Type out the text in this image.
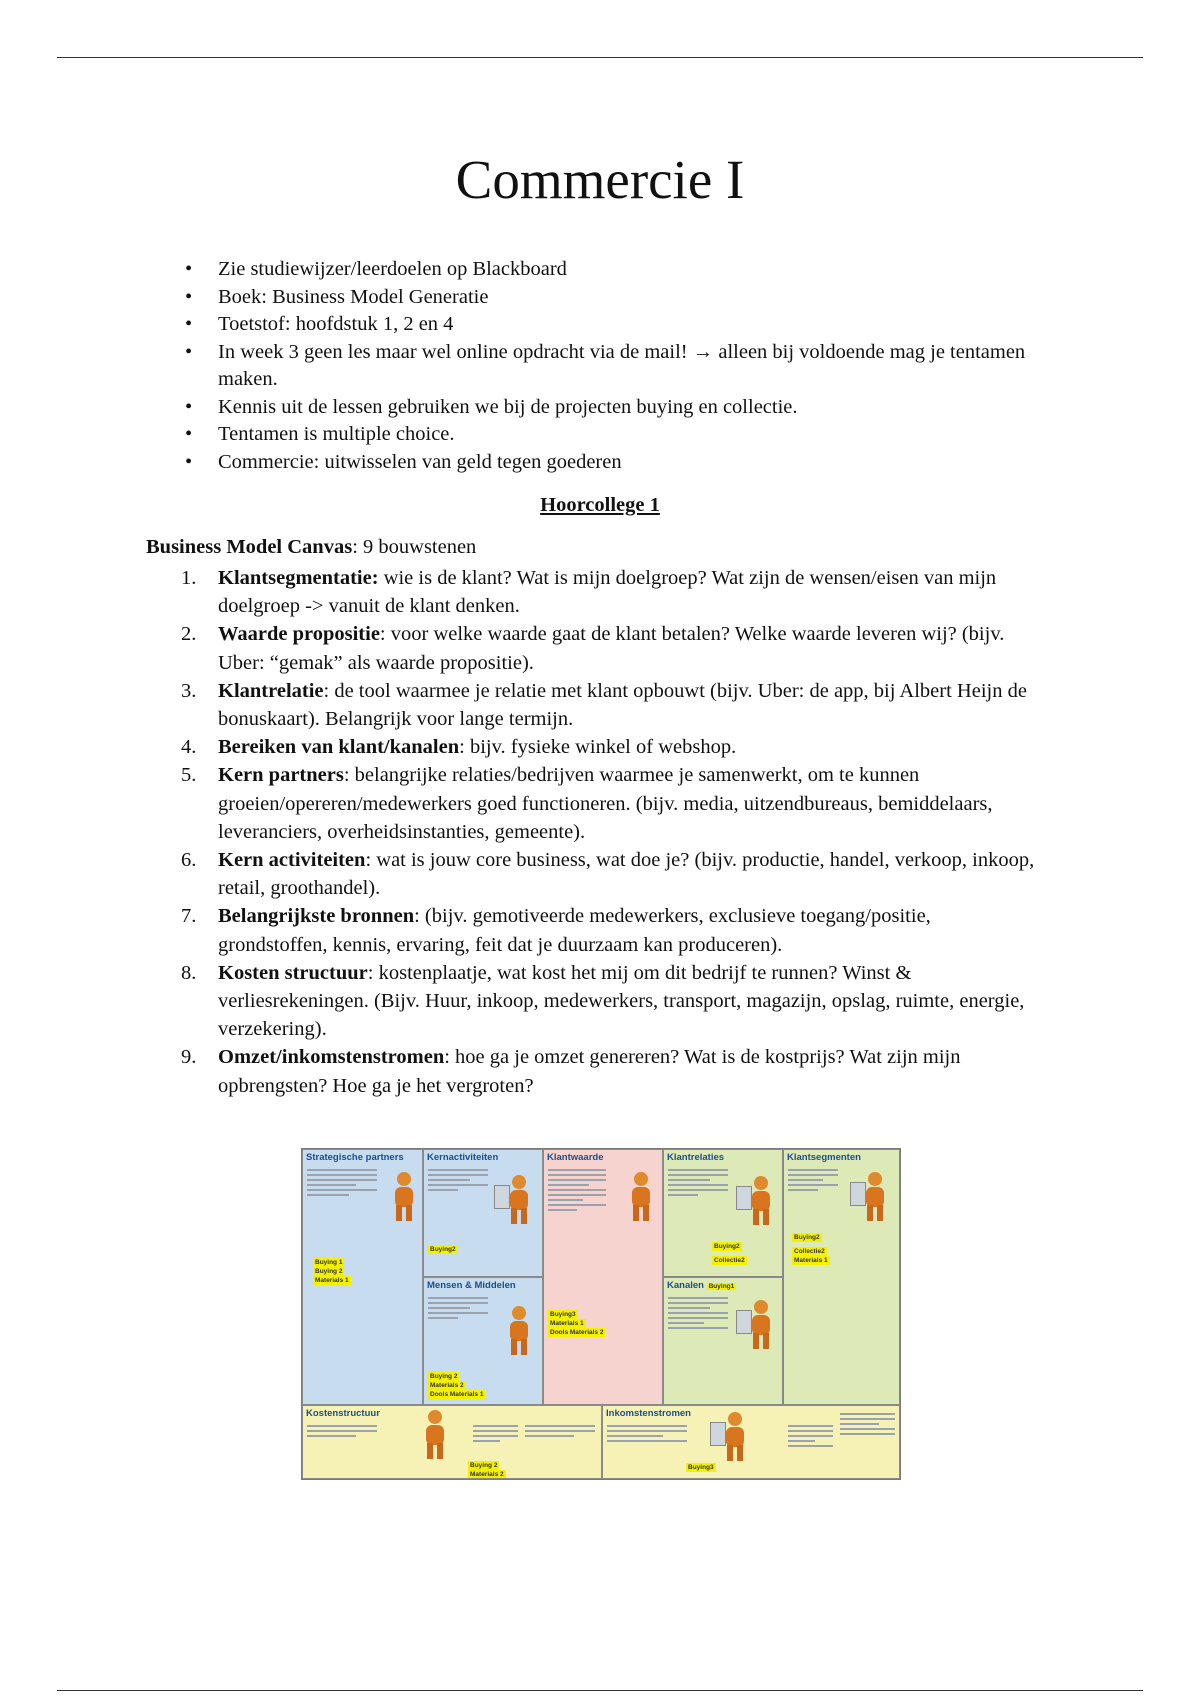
Commercie I
• Zie studiewijzer/leerdoelen op Blackboard
• Boek: Business Model Generatie
• Toetstof: hoofdstuk 1, 2 en 4
• In week 3 geen les maar wel online opdracht via de mail! → alleen bij voldoende mag je tentamen maken.
• Kennis uit de lessen gebruiken we bij de projecten buying en collectie.
• Tentamen is multiple choice.
• Commercie: uitwisselen van geld tegen goederen
Hoorcollege 1

Business Model Canvas: 9 bouwstenen

1. Klantsegmentatie: wie is de klant? Wat is mijn doelgroep? Wat zijn de wensen/eisen van mijn doelgroep -> vanuit de klant denken.
2. Waarde propositie: voor welke waarde gaat de klant betalen? Welke waarde leveren wij? (bijv. Uber: “gemak” als waarde propositie).
3. Klantrelatie: de tool waarmee je relatie met klant opbouwt (bijv. Uber: de app, bij Albert Heijn de bonuskaart). Belangrijk voor lange termijn.
4. Bereiken van klant/kanalen: bijv. fysieke winkel of webshop.
5. Kern partners: belangrijke relaties/bedrijven waarmee je samenwerkt, om te kunnen groeien/opereren/medewerkers goed functioneren. (bijv. media, uitzendbureaus, bemiddelaars, leveranciers, overheidsinstanties, gemeente).
6. Kern activiteiten: wat is jouw core business, wat doe je? (bijv. productie, handel, verkoop, inkoop, retail, groothandel).
7. Belangrijkste bronnen: (bijv. gemotiveerde medewerkers, exclusieve toegang/positie, grondstoffen, kennis, ervaring, feit dat je duurzaam kan produceren).
8. Kosten structuur: kostenplaatje, wat kost het mij om dit bedrijf te runnen? Winst & verliesrekeningen. (Bijv. Huur, inkoop, medewerkers, transport, magazijn, opslag, ruimte, energie, verzekering).
9. Omzet/inkomstenstromen: hoe ga je omzet genereren? Wat is de kostprijs? Wat zijn mijn opbrengsten? Hoe ga je het vergroten?
Strategische partners
Buying 1
Buying 2
Materials 1
Kernactiviteiten
Buying2
Mensen & Middelen
Buying 2
Materials 2
Dools Materials 1
Klantwaarde
Buying3
Materials 1
Dools Materials 2
Klantrelaties
Buying2
Collectie2
Kanalen Buying1
Klantsegmenten
Buying2
Collectie2
Materials 1
Kostenstructuur
Buying 2
Materials 2
Inkomstenstromen
Buying3
